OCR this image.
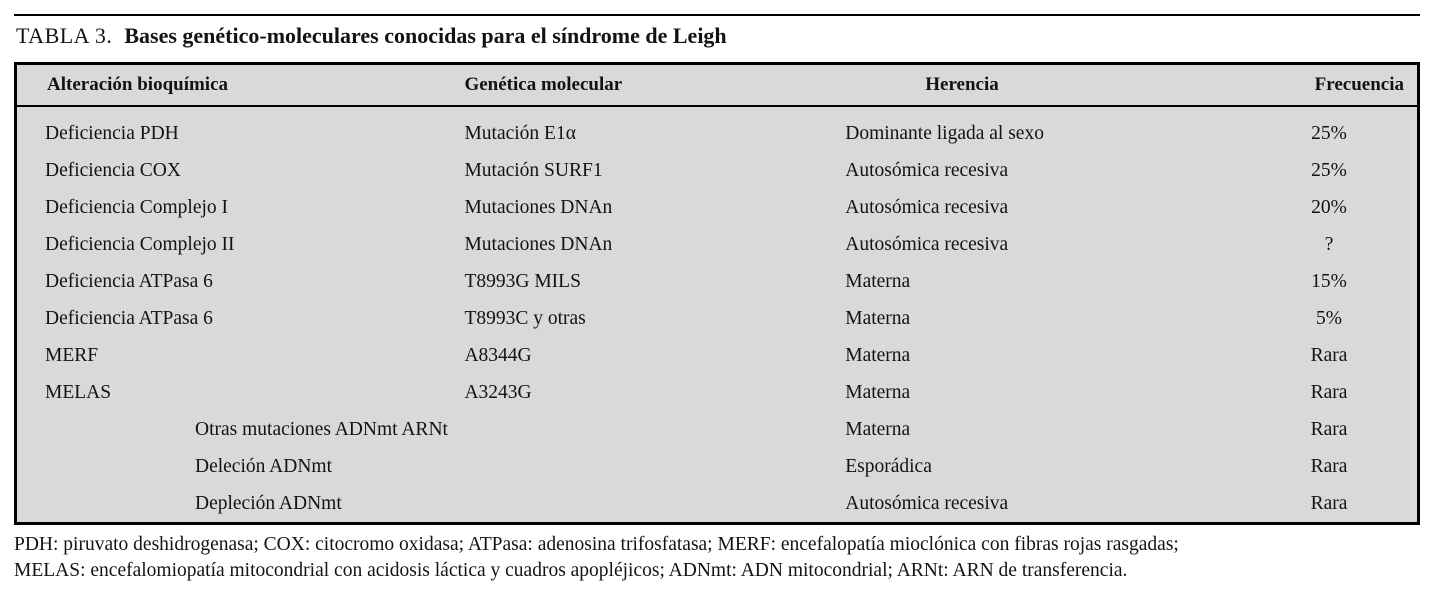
TABLA 3. Bases genético-moleculares conocidas para el síndrome de Leigh
Alteración bioquímica	Genética molecular	Herencia	Frecuencia
Deficiencia PDH	Mutación E1α	Dominante ligada al sexo	25%
Deficiencia COX	Mutación SURF1	Autosómica recesiva	25%
Deficiencia Complejo I	Mutaciones DNAn	Autosómica recesiva	20%
Deficiencia Complejo II	Mutaciones DNAn	Autosómica recesiva	?
Deficiencia ATPasa 6	T8993G MILS	Materna	15%
Deficiencia ATPasa 6	T8993C y otras	Materna	5%
MERF	A8344G	Materna	Rara
MELAS	A3243G	Materna	Rara
Otras mutaciones ADNmt ARNt		Materna	Rara
Deleción ADNmt		Esporádica	Rara
Depleción ADNmt		Autosómica recesiva	Rara
PDH: piruvato deshidrogenasa; COX: citocromo oxidasa; ATPasa: adenosina trifosfatasa; MERF: encefalopatía mioclónica con fibras rojas rasgadas;
MELAS: encefalomiopatía mitocondrial con acidosis láctica y cuadros apopléjicos; ADNmt: ADN mitocondrial; ARNt: ARN de transferencia.
